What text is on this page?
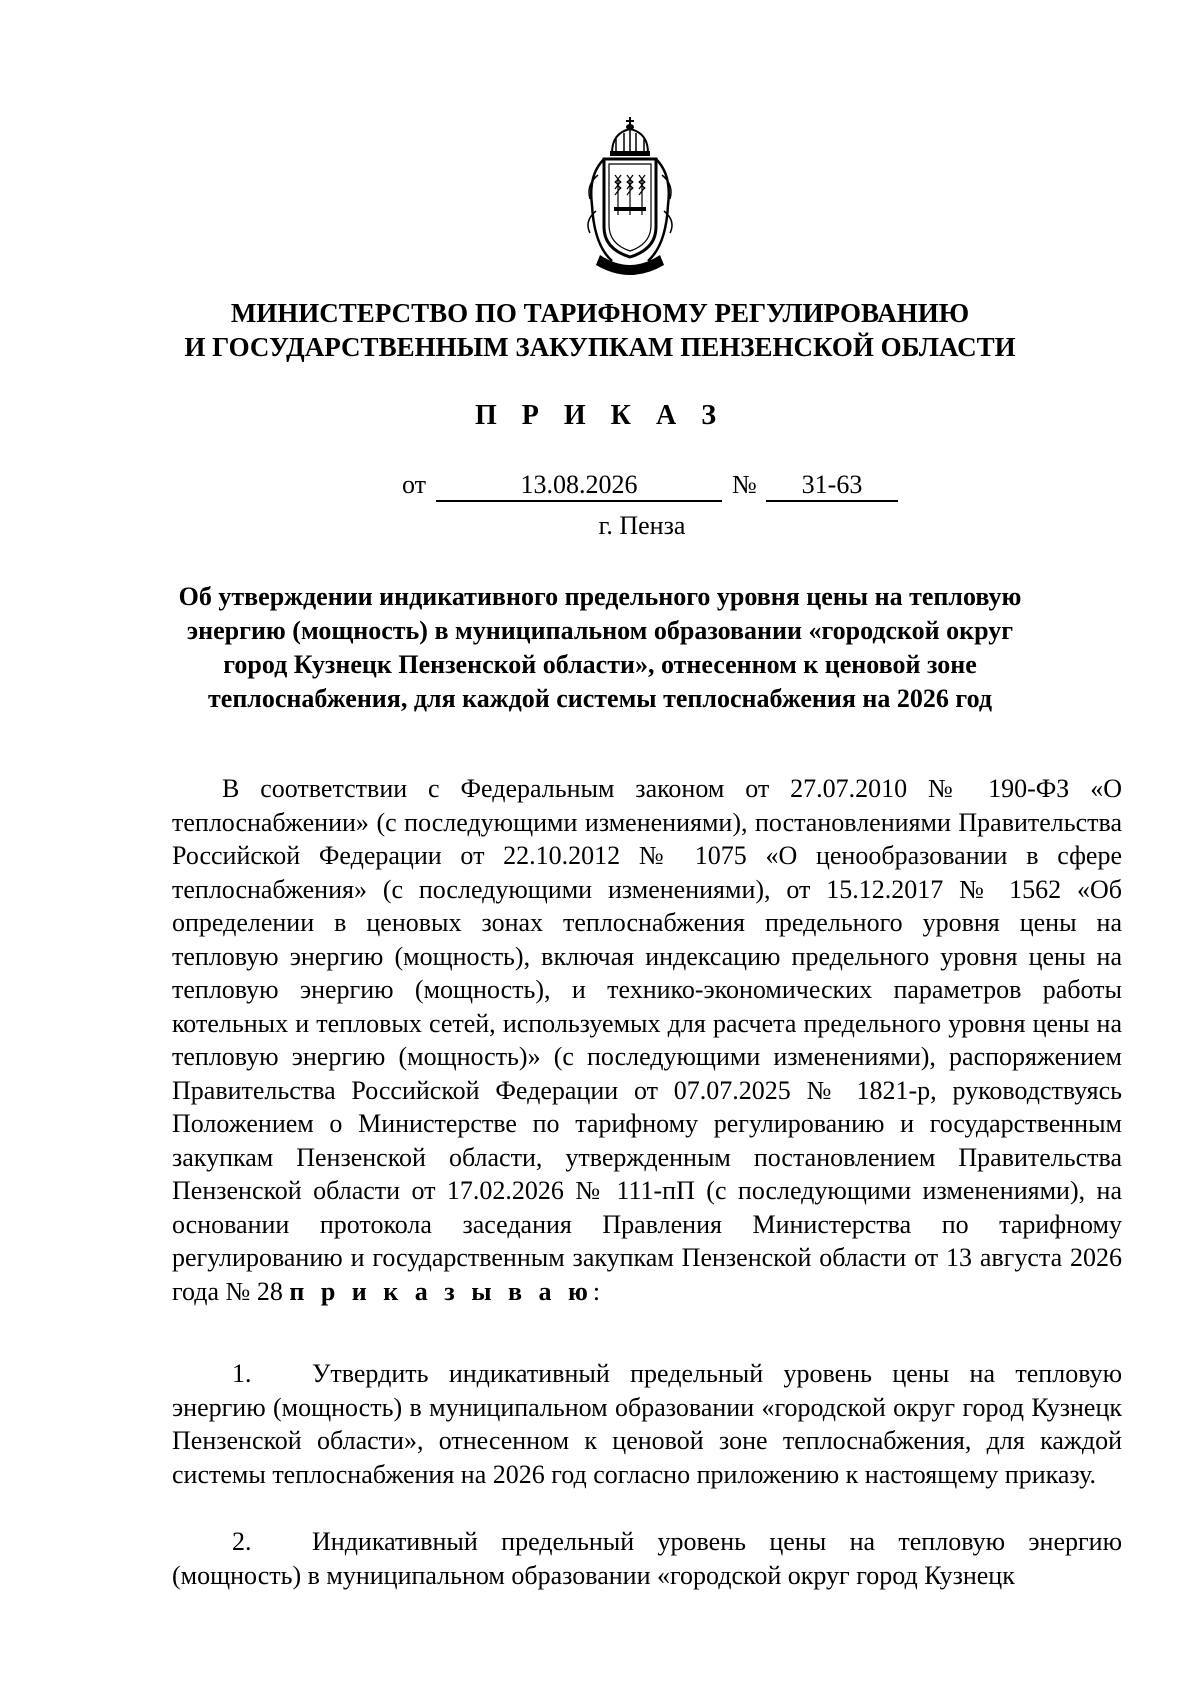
МИНИСТЕРСТВО ПО ТАРИФНОМУ РЕГУЛИРОВАНИЮ
И ГОСУДАРСТВЕННЫМ ЗАКУПКАМ ПЕНЗЕНСКОЙ ОБЛАСТИ
П Р И К А З
от	13.08.2026	№	31-63
г. Пенза
Об утверждении индикативного предельного уровня цены на тепловую
энергию (мощность) в муниципальном образовании «городской округ
город Кузнецк Пензенской области», отнесенном к ценовой зоне
теплоснабжения, для каждой системы теплоснабжения на 2026 год
В соответствии с Федеральным законом от 27.07.2010 № 190-ФЗ «О теплоснабжении» (с последующими изменениями), постановлениями Правительства Российской Федерации от 22.10.2012 № 1075 «О ценообразовании в сфере теплоснабжения» (с последующими изменениями), от 15.12.2017 № 1562 «Об определении в ценовых зонах теплоснабжения предельного уровня цены на тепловую энергию (мощность), включая индексацию предельного уровня цены на тепловую энергию (мощность), и технико-экономических параметров работы котельных и тепловых сетей, используемых для расчета предельного уровня цены на тепловую энергию (мощность)» (с последующими изменениями), распоряжением Правительства Российской Федерации от 07.07.2025 № 1821-р, руководствуясь Положением о Министерстве по тарифному регулированию и государственным закупкам Пензенской области, утвержденным постановлением Правительства Пензенской области от 17.02.2026 № 111-пП (с последующими изменениями), на основании протокола заседания Правления Министерства по тарифному регулированию и государственным закупкам Пензенской области от 13 августа 2026 года № 28 п р и к а з ы в а ю:
1. Утвердить индикативный предельный уровень цены на тепловую энергию (мощность) в муниципальном образовании «городской округ город Кузнецк Пензенской области», отнесенном к ценовой зоне теплоснабжения, для каждой системы теплоснабжения на 2026 год согласно приложению к настоящему приказу.
2. Индикативный предельный уровень цены на тепловую энергию (мощность) в муниципальном образовании «городской округ город Кузнецк
